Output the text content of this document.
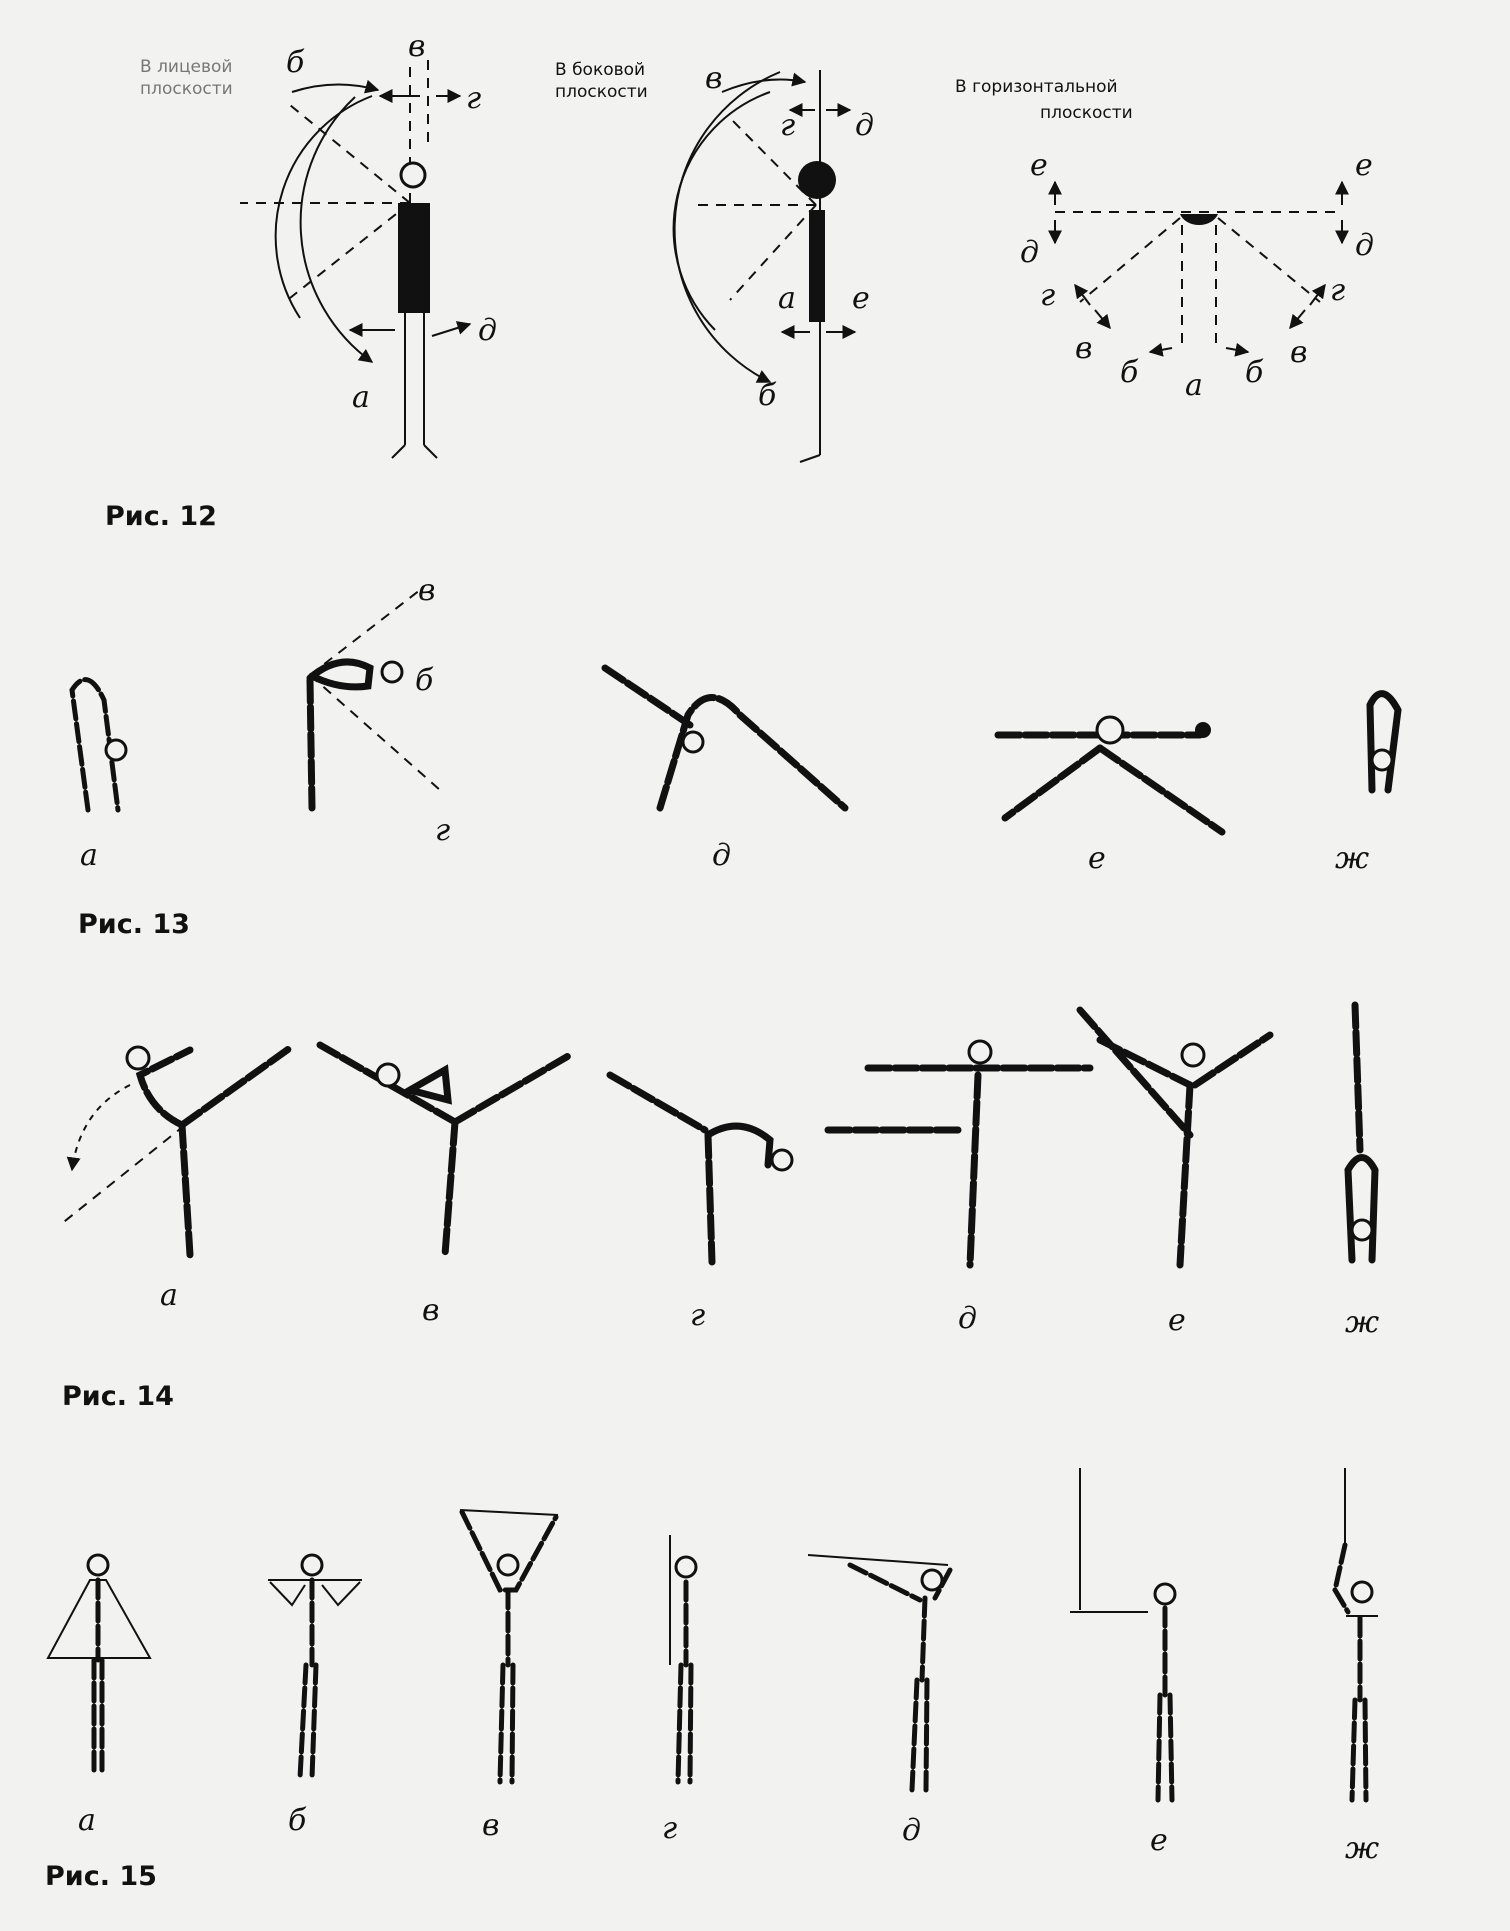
В лицевой
плоскости
а
б	в
г
д
В боковой
плоскости в
г д
а е
б
В горизонтальной
плоскости
а
б	б
в	в
г	г
д	д
е	е
Рис. 12
а
в
б
г
д	е	ж
Рис. 13
а	в	г	д	е	ж
Рис. 14
а	б	в	г	д	е	ж
Рис. 15
